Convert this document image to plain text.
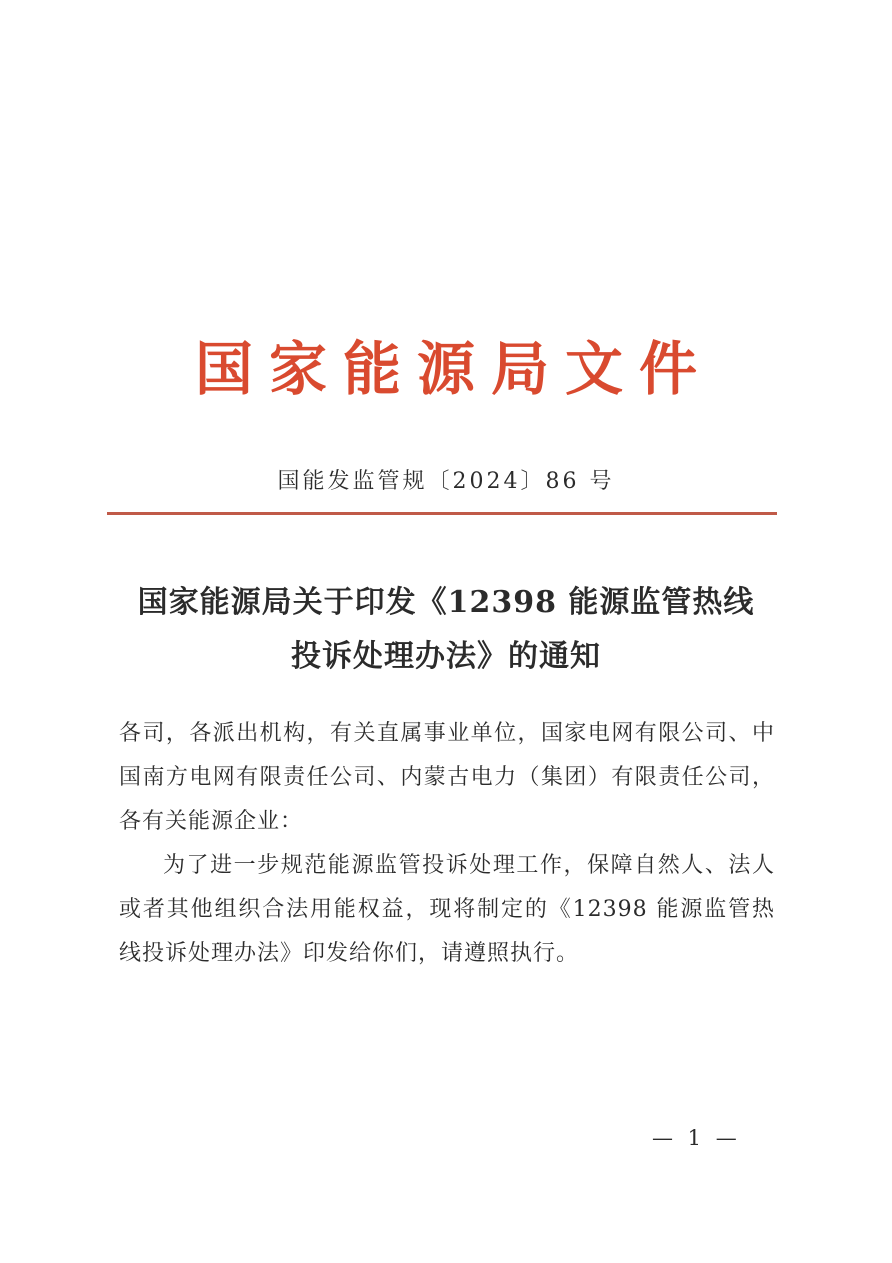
国家能源局文件
国能发监管规〔2024〕86 号
国家能源局关于印发《12398 能源监管热线
投诉处理办法》的通知

各司，各派出机构，有关直属事业单位，国家电网有限公司、中国南方电网有限责任公司、内蒙古电力（集团）有限责任公司，各有关能源企业：

为了进一步规范能源监管投诉处理工作，保障自然人、法人或者其他组织合法用能权益，现将制定的《12398 能源监管热线投诉处理办法》印发给你们，请遵照执行。

— 1 —
